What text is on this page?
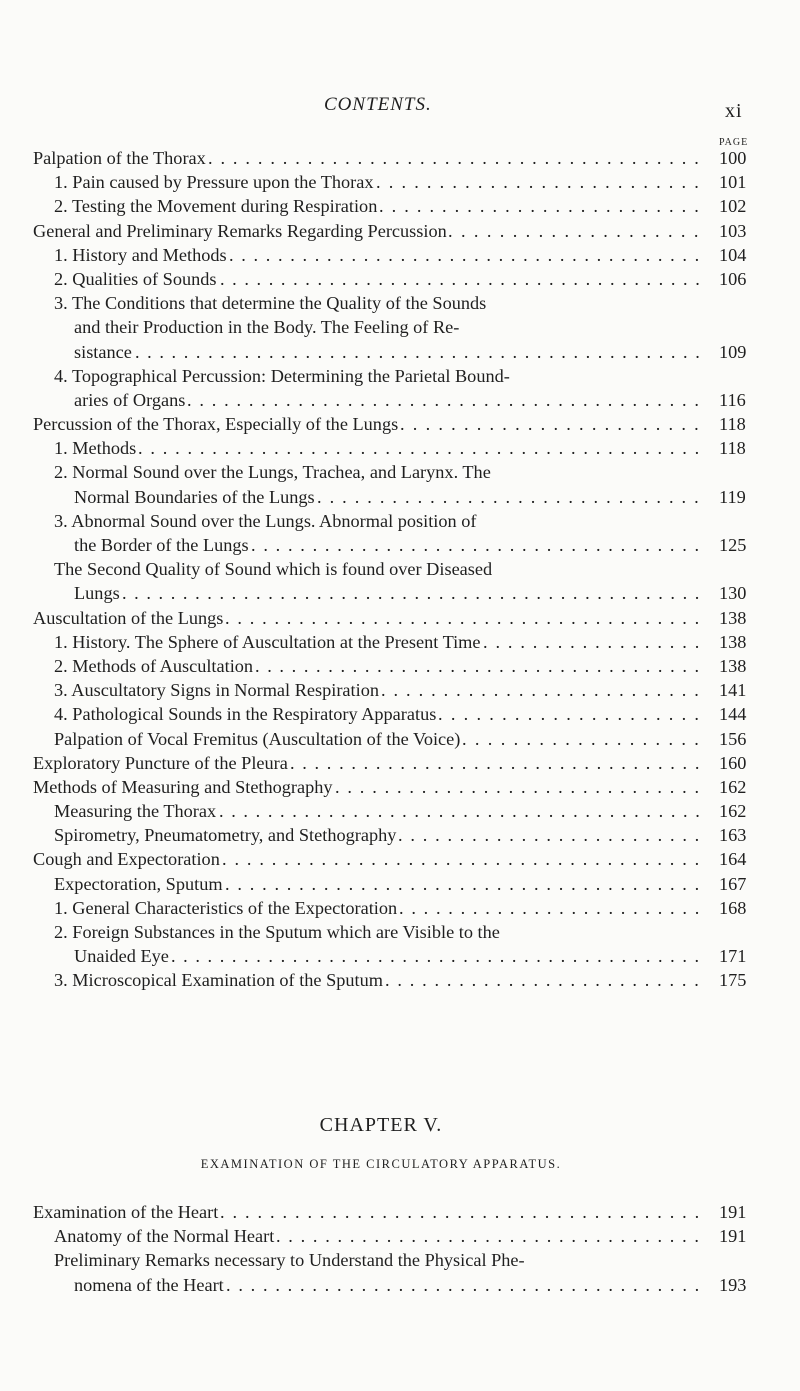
CONTENTS.	xi
PAGE
Palpation of the Thorax ........................................ 100
1. Pain caused by Pressure upon the Thorax .......................... 101
2. Testing the Movement during Respiration .......................... 102
General and Preliminary Remarks Regarding Percussion .................... 103
1. History and Methods ....................................... 104
2. Qualities of Sounds ........................................ 106
3. The Conditions that determine the Quality of the Sounds
and their Production in the Body. The Feeling of Re-
sistance ............................................... 109
4. Topographical Percussion: Determining the Parietal Bound-
aries of Organs .......................................... 116
Percussion of the Thorax, Especially of the Lungs ........................ 118
1. Methods .............................................. 118
2. Normal Sound over the Lungs, Trachea, and Larynx. The
Normal Boundaries of the Lungs ............................... 119
3. Abnormal Sound over the Lungs. Abnormal position of
the Border of the Lungs ..................................... 125
The Second Quality of Sound which is found over Diseased
Lungs ................................................ 130
Auscultation of the Lungs ....................................... 138
1. History. The Sphere of Auscultation at the Present Time .................. 138
2. Methods of Auscultation ..................................... 138
3. Auscultatory Signs in Normal Respiration .......................... 141
4. Pathological Sounds in the Respiratory Apparatus ..................... 144
Palpation of Vocal Fremitus (Auscultation of the Voice) ................... 156
Exploratory Puncture of the Pleura .................................. 160
Methods of Measuring and Stethography .............................. 162
Measuring the Thorax ........................................ 162
Spirometry, Pneumatometry, and Stethography ......................... 163
Cough and Expectoration ....................................... 164
Expectoration, Sputum ....................................... 167
1. General Characteristics of the Expectoration ......................... 168
2. Foreign Substances in the Sputum which are Visible to the
Unaided Eye ............................................ 171
3. Microscopical Examination of the Sputum .......................... 175
CHAPTER V.
EXAMINATION OF THE CIRCULATORY APPARATUS.
Examination of the Heart ....................................... 191
Anatomy of the Normal Heart ................................... 191
Preliminary Remarks necessary to Understand the Physical Phe-
nomena of the Heart ....................................... 193
